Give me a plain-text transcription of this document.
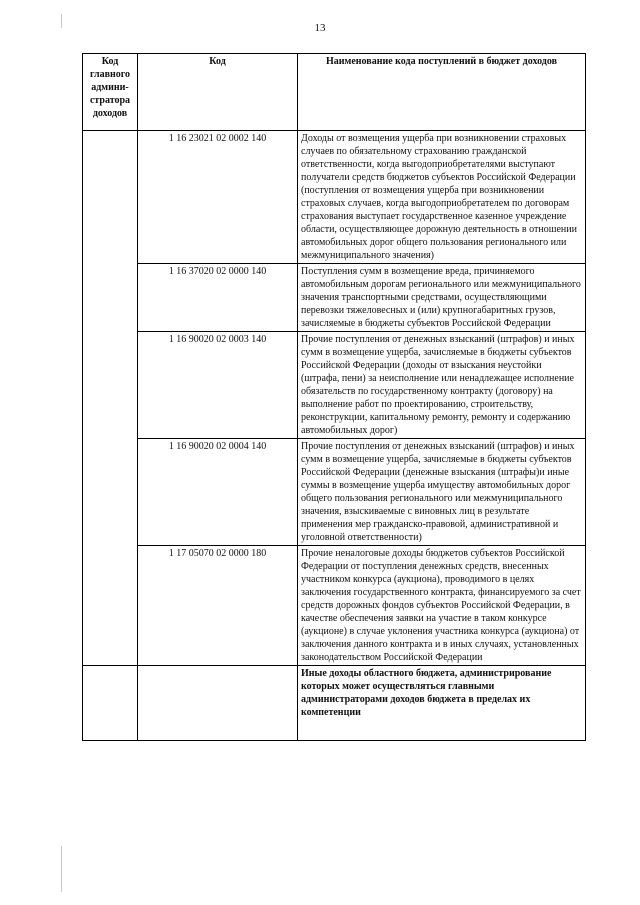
13
Код главного админи-стратора доходов	Код	Наименование кода поступлений в бюджет доходов
	1 16 23021 02 0002 140	Доходы от возмещения ущерба при возникновении страховых случаев по обязательному страхованию гражданской ответственности, когда выгодоприобретателями выступают получатели средств бюджетов субъектов Российской Федерации (поступления от возмещения ущерба при возникновении страховых случаев, когда выгодоприобретателем по договорам страхования выступает государственное казенное учреждение области, осуществляющее дорожную деятельность в отношении автомобильных дорог общего пользования регионального или межмуниципального значения)
	1 16 37020 02 0000 140	Поступления сумм в возмещение вреда, причиняемого автомобильным дорогам регионального или межмуниципального значения транспортными средствами, осуществляющими перевозки тяжеловесных и (или) крупногабаритных грузов, зачисляемые в бюджеты субъектов Российской Федерации
	1 16 90020 02 0003 140	Прочие поступления от денежных взысканий (штрафов) и иных сумм в возмещение ущерба, зачисляемые в бюджеты субъектов Российской Федерации (доходы от взыскания неустойки (штрафа, пени) за неисполнение или ненадлежащее исполнение обязательств по государственному контракту (договору) на выполнение работ по проектированию, строительству, реконструкции, капитальному ремонту, ремонту и содержанию автомобильных дорог)
	1 16 90020 02 0004 140	Прочие поступления от денежных взысканий (штрафов) и иных сумм в возмещение ущерба, зачисляемые в бюджеты субъектов Российской Федерации (денежные взыскания (штрафы)и иные суммы в возмещение ущерба имуществу автомобильных дорог общего пользования регионального или межмуниципального значения, взыскиваемые с виновных лиц в результате применения мер гражданско-правовой, административной и уголовной ответственности)
	1 17 05070 02 0000 180	Прочие неналоговые доходы бюджетов субъектов Российской Федерации от поступления денежных средств, внесенных участником конкурса (аукциона), проводимого в целях заключения государственного контракта, финансируемого за счет средств дорожных фондов субъектов Российской Федерации, в качестве обеспечения заявки на участие в таком конкурсе (аукционе) в случае уклонения участника конкурса (аукциона) от заключения данного контракта и в иных случаях, установленных законодательством Российской Федерации
		Иные доходы областного бюджета, администрирование которых может осуществляться главными администраторами доходов бюджета в пределах их компетенции
